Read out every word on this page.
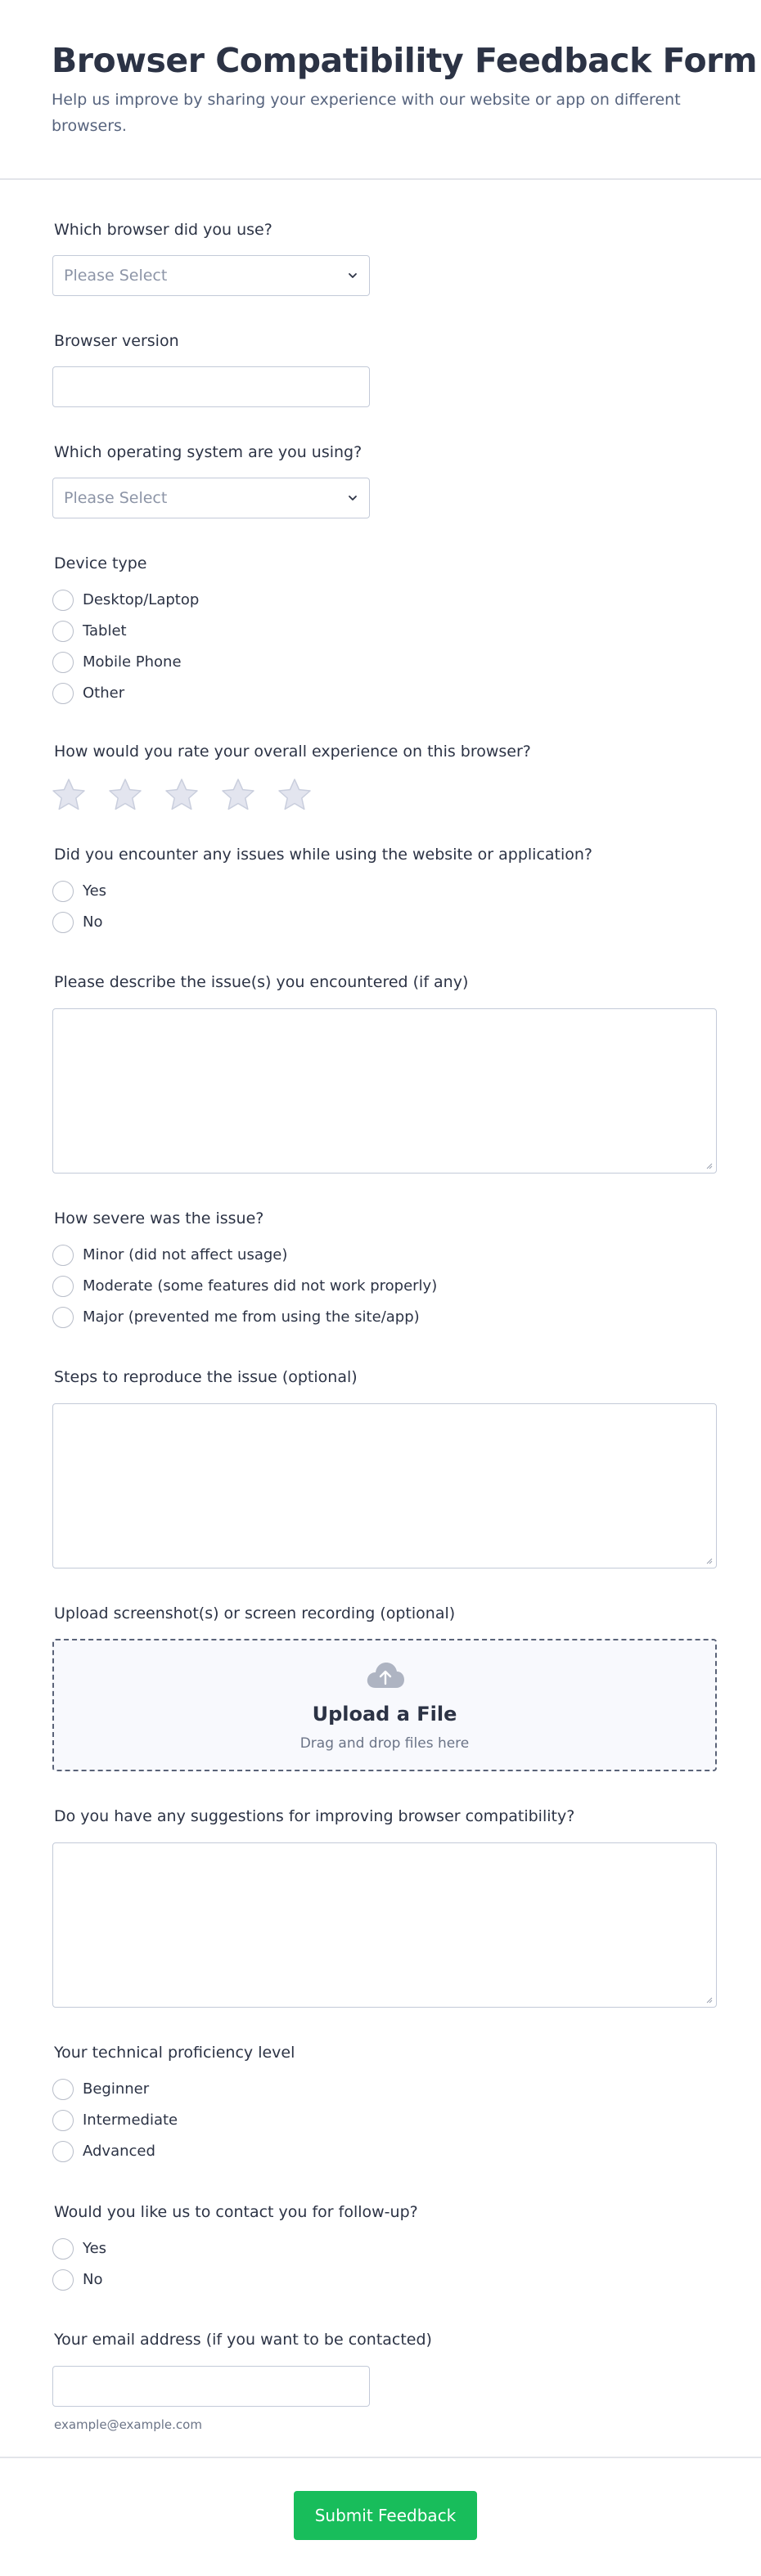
Browser Compatibility Feedback Form

Help us improve by sharing your experience with our website or app on different browsers.

Which browser did you use?
Please Select
Browser version
Which operating system are you using?
Please Select
Device type
Desktop/Laptop
Tablet
Mobile Phone
Other
How would you rate your overall experience on this browser?
Did you encounter any issues while using the website or application?
Yes
No
Please describe the issue(s) you encountered (if any)
How severe was the issue?
Minor (did not affect usage)
Moderate (some features did not work properly)
Major (prevented me from using the site/app)
Steps to reproduce the issue (optional)
Upload screenshot(s) or screen recording (optional)
Upload a File
Drag and drop files here
Do you have any suggestions for improving browser compatibility?
Your technical proficiency level
Beginner
Intermediate
Advanced
Would you like us to contact you for follow-up?
Yes
No
Your email address (if you want to be contacted)
example@example.com
Submit Feedback
